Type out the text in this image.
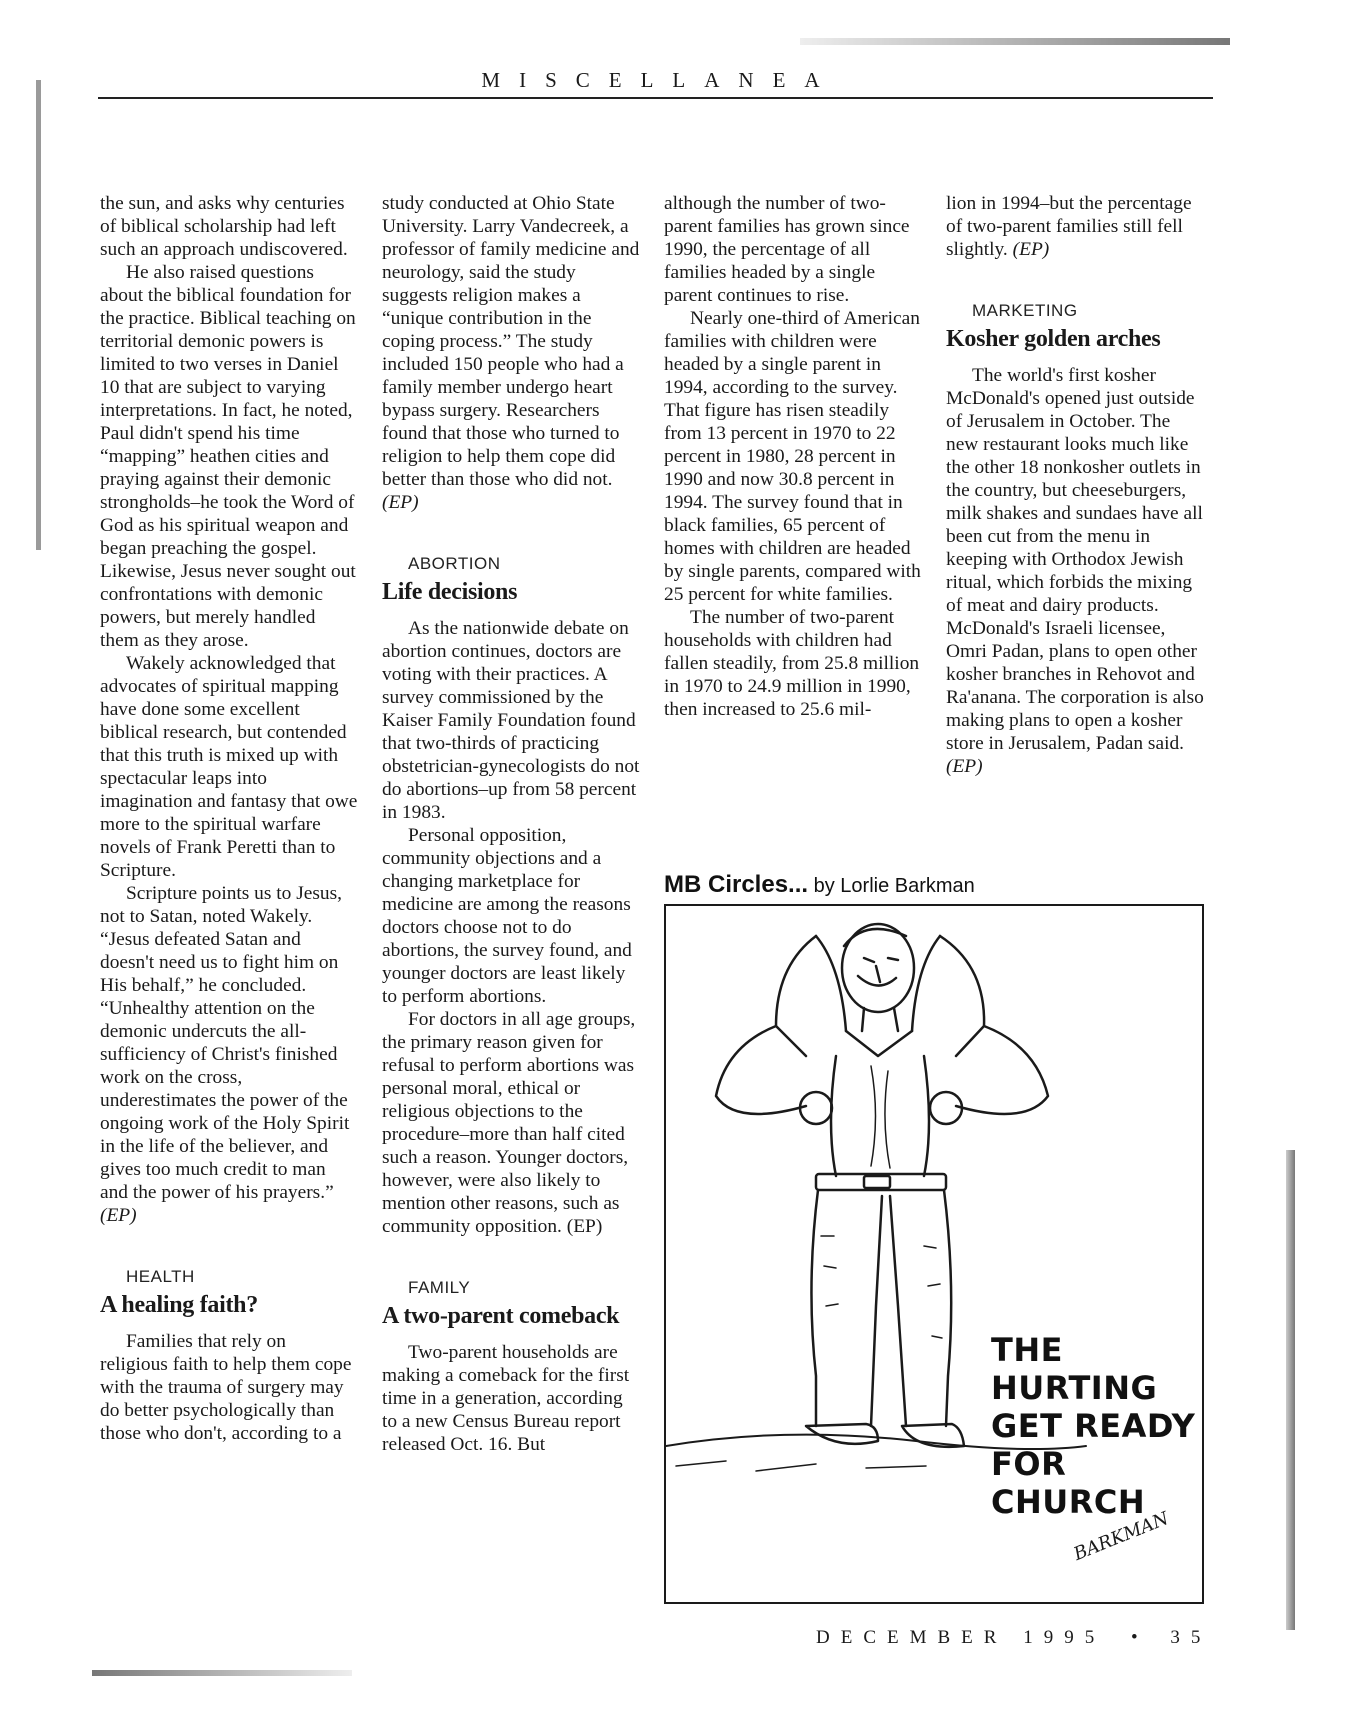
MISCELLANEA

the sun, and asks why centuries of biblical scholarship had left such an approach undiscovered.

He also raised questions about the biblical foundation for the practice. Biblical teaching on territorial demonic powers is limited to two verses in Daniel 10 that are subject to varying interpretations. In fact, he noted, Paul didn't spend his time “mapping” heathen cities and praying against their demonic strongholds–he took the Word of God as his spiritual weapon and began preaching the gospel. Likewise, Jesus never sought out confrontations with demonic powers, but merely handled them as they arose.

Wakely acknowledged that advocates of spiritual mapping have done some excellent biblical research, but contended that this truth is mixed up with spectacular leaps into imagination and fantasy that owe more to the spiritual warfare novels of Frank Peretti than to Scripture.

Scripture points us to Jesus, not to Satan, noted Wakely. “Jesus defeated Satan and doesn't need us to fight him on His behalf,” he concluded. “Unhealthy attention on the demonic undercuts the all-sufficiency of Christ's finished work on the cross, underestimates the power of the ongoing work of the Holy Spirit in the life of the believer, and gives too much credit to man and the power of his prayers.” (EP)

HEALTH

A healing faith?

Families that rely on religious faith to help them cope with the trauma of surgery may do better psychologically than those who don't, according to a

study conducted at Ohio State University. Larry Vandecreek, a professor of family medicine and neurology, said the study suggests religion makes a “unique contribution in the coping process.” The study included 150 people who had a family member undergo heart bypass surgery. Researchers found that those who turned to religion to help them cope did better than those who did not. (EP)

ABORTION

Life decisions

As the nationwide debate on abortion continues, doctors are voting with their practices. A survey commissioned by the Kaiser Family Foundation found that two-thirds of practicing obstetrician-gynecologists do not do abortions–up from 58 percent in 1983.

Personal opposition, community objections and a changing marketplace for medicine are among the reasons doctors choose not to do abortions, the survey found, and younger doctors are least likely to perform abortions.

For doctors in all age groups, the primary reason given for refusal to perform abortions was personal moral, ethical or religious objections to the procedure–more than half cited such a reason. Younger doctors, however, were also likely to mention other reasons, such as community opposition. (EP)

FAMILY

A two-parent comeback

Two-parent households are making a comeback for the first time in a generation, according to a new Census Bureau report released Oct. 16. But

although the number of two-parent families has grown since 1990, the percentage of all families headed by a single parent continues to rise.

Nearly one-third of American families with children were headed by a single parent in 1994, according to the survey. That figure has risen steadily from 13 percent in 1970 to 22 percent in 1980, 28 percent in 1990 and now 30.8 percent in 1994. The survey found that in black families, 65 percent of homes with children are headed by single parents, compared with 25 percent for white families.

The number of two-parent households with children had fallen steadily, from 25.8 million in 1970 to 24.9 million in 1990, then increased to 25.6 mil-

lion in 1994–but the percentage of two-parent families still fell slightly. (EP)

MARKETING

Kosher golden arches

The world's first kosher McDonald's opened just outside of Jerusalem in October. The new restaurant looks much like the other 18 nonkosher outlets in the country, but cheeseburgers, milk shakes and sundaes have all been cut from the menu in keeping with Orthodox Jewish ritual, which forbids the mixing of meat and dairy products. McDonald's Israeli licensee, Omri Padan, plans to open other kosher branches in Rehovot and Ra'anana. The corporation is also making plans to open a kosher store in Jerusalem, Padan said. (EP)

MB Circles... by Lorlie Barkman
THE
HURTING
GET READY
FOR
CHURCH
BARKMAN
DECEMBER 1995 • 35
